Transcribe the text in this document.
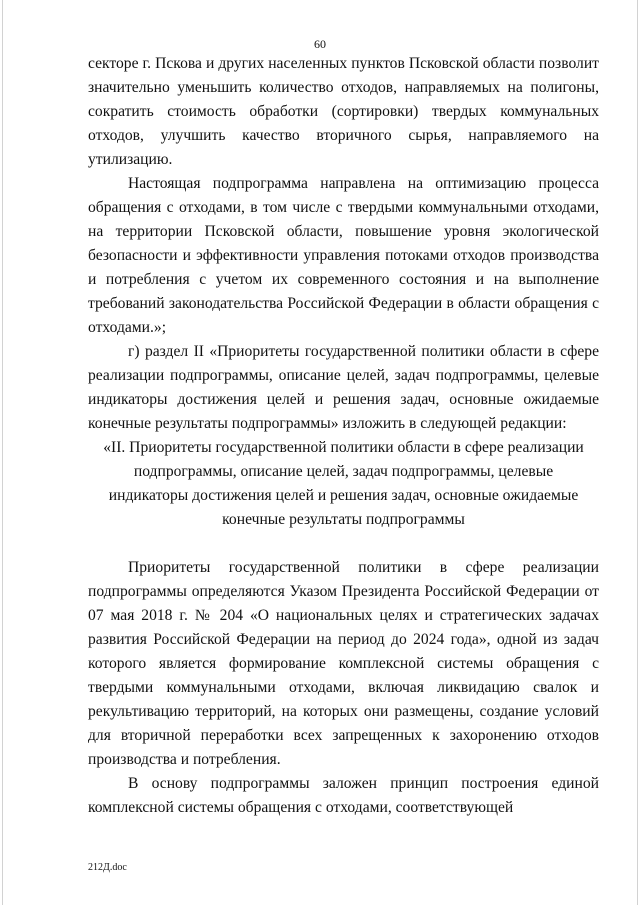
60

секторе г. Пскова и других населенных пунктов Псковской области позволит значительно уменьшить количество отходов, направляемых на полигоны, сократить стоимость обработки (сортировки) твердых коммунальных отходов, улучшить качество вторичного сырья, направляемого на утилизацию.

Настоящая подпрограмма направлена на оптимизацию процесса обращения с отходами, в том числе с твердыми коммунальными отходами, на территории Псковской области, повышение уровня экологической безопасности и эффективности управления потоками отходов производства и потребления с учетом их современного состояния и на выполнение требований законодательства Российской Федерации в области обращения с отходами.»;

г) раздел II «Приоритеты государственной политики области в сфере реализации подпрограммы, описание целей, задач подпрограммы, целевые индикаторы достижения целей и решения задач, основные ожидаемые конечные результаты подпрограммы» изложить в следующей редакции:

«II. Приоритеты государственной политики области в сфере реализации
подпрограммы, описание целей, задач подпрограммы, целевые
индикаторы достижения целей и решения задач, основные ожидаемые
конечные результаты подпрограммы

Приоритеты государственной политики в сфере реализации подпрограммы определяются Указом Президента Российской Федерации от 07 мая 2018 г. № 204 «О национальных целях и стратегических задачах развития Российской Федерации на период до 2024 года», одной из задач которого является формирование комплексной системы обращения с твердыми коммунальными отходами, включая ликвидацию свалок и рекультивацию территорий, на которых они размещены, создание условий для вторичной переработки всех запрещенных к захоронению отходов производства и потребления.

В основу подпрограммы заложен принцип построения единой комплексной системы обращения с отходами, соответствующей

212Д.doc
